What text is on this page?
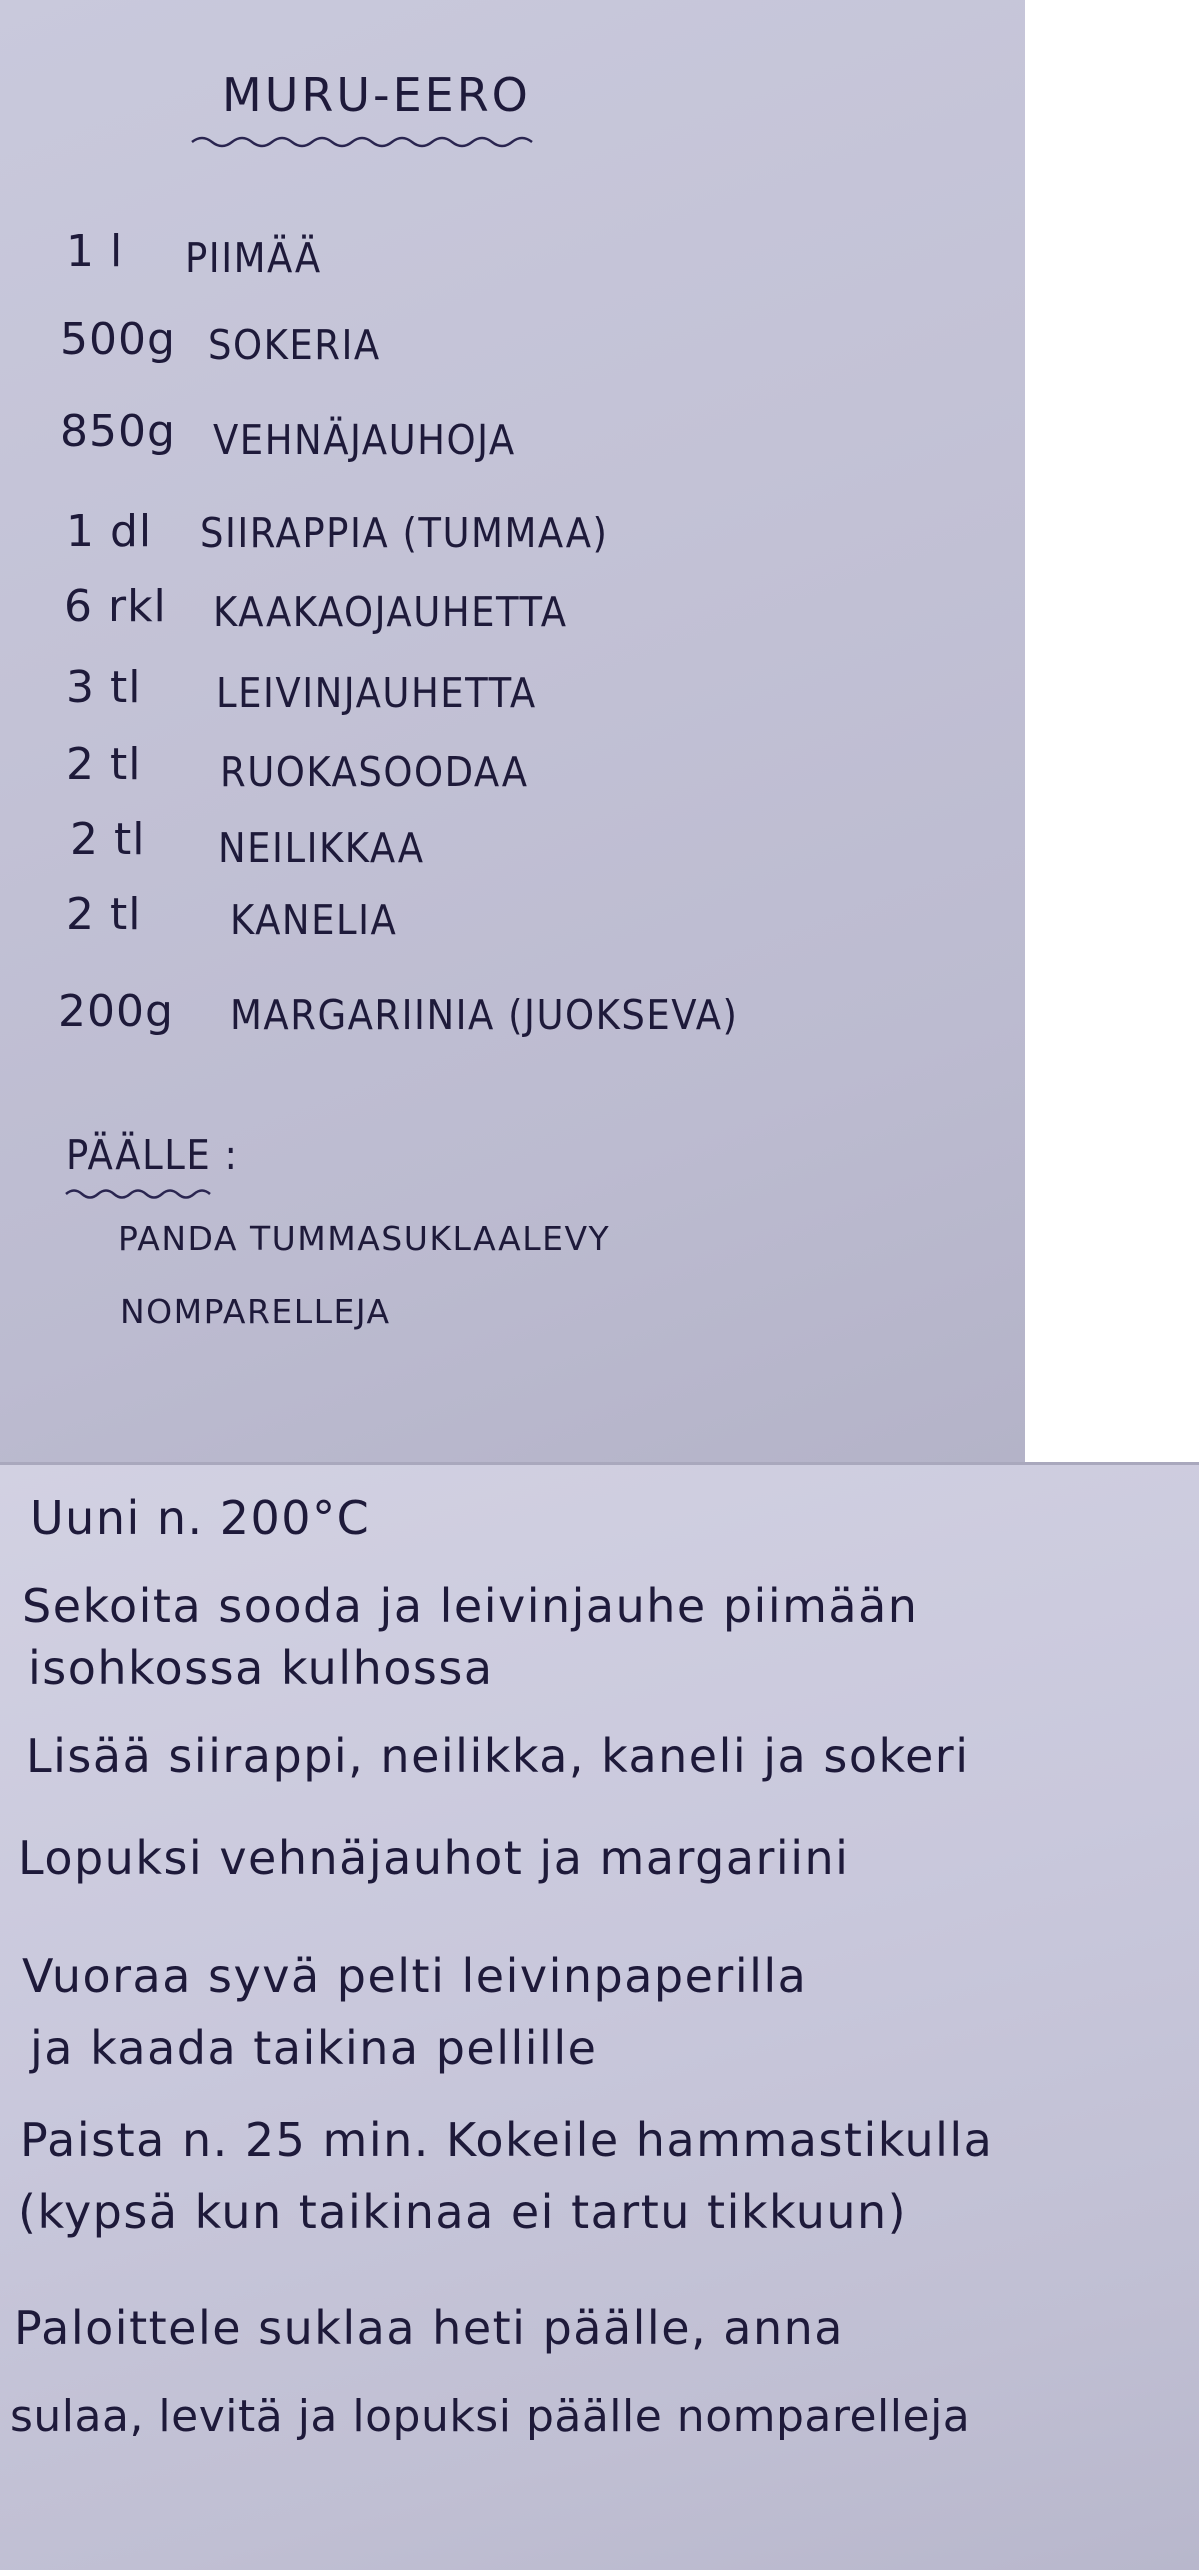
MURU-EERO
1 l PIIMÄÄ
500g SOKERIA
850g VEHNÄJAUHOJA
1 dl SIIRAPPIA (TUMMAA)
6 rkl KAAKAOJAUHETTA
3 tl LEIVINJAUHETTA
2 tl RUOKASOODAA
2 tl NEILIKKAA
2 tl KANELIA
200g MARGARIINIA (JUOKSEVA)
PÄÄLLE :
PANDA TUMMASUKLAALEVY
NOMPARELLEJA
Uuni n. 200°C
Sekoita sooda ja leivinjauhe piimään
isohkossa kulhossa
Lisää siirappi, neilikka, kaneli ja sokeri
Lopuksi vehnäjauhot ja margariini
Vuoraa syvä pelti leivinpaperilla
ja kaada taikina pellille
Paista n. 25 min. Kokeile hammastikulla
(kypsä kun taikinaa ei tartu tikkuun)
Paloittele suklaa heti päälle, anna
sulaa, levitä ja lopuksi päälle nomparelleja
